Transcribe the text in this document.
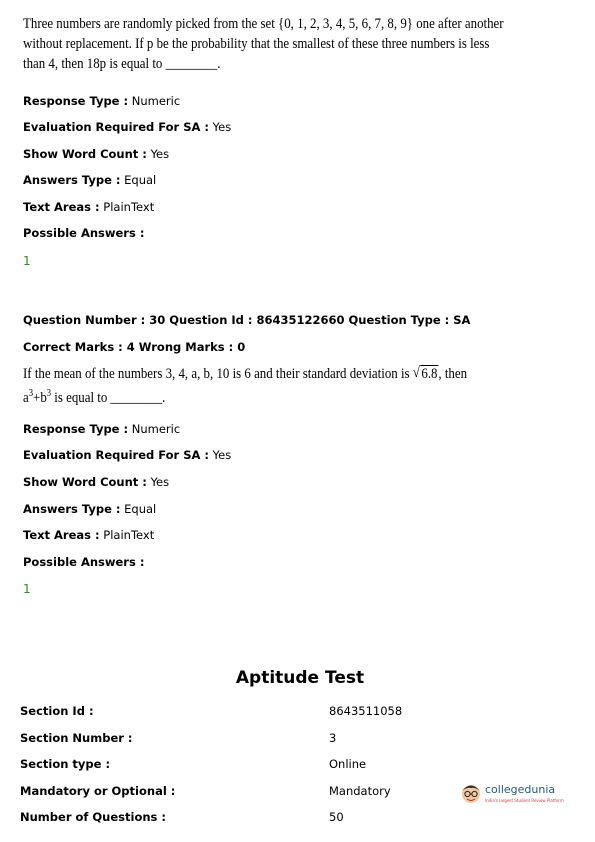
Three numbers are randomly picked from the set {0, 1, 2, 3, 4, 5, 6, 7, 8, 9} one after another
without replacement. If p be the probability that the smallest of these three numbers is less
than 4, then 18p is equal to ________.
Response Type : Numeric
Evaluation Required For SA : Yes
Show Word Count : Yes
Answers Type : Equal
Text Areas : PlainText
Possible Answers :
1
Question Number : 30 Question Id : 86435122660 Question Type : SA
Correct Marks : 4 Wrong Marks : 0
If the mean of the numbers 3, 4, a, b, 10 is 6 and their standard deviation is √ 6.8, then
$a^3+b^3$ is equal to ________.
Response Type : Numeric
Evaluation Required For SA : Yes
Show Word Count : Yes
Answers Type : Equal
Text Areas : PlainText
Possible Answers :
1
Aptitude Test
Section Id :	8643511058
Section Number :	3
Section type :	Online
Mandatory or Optional :	Mandatory
Number of Questions :	50
collegedunia
India's largest Student Review Platform
